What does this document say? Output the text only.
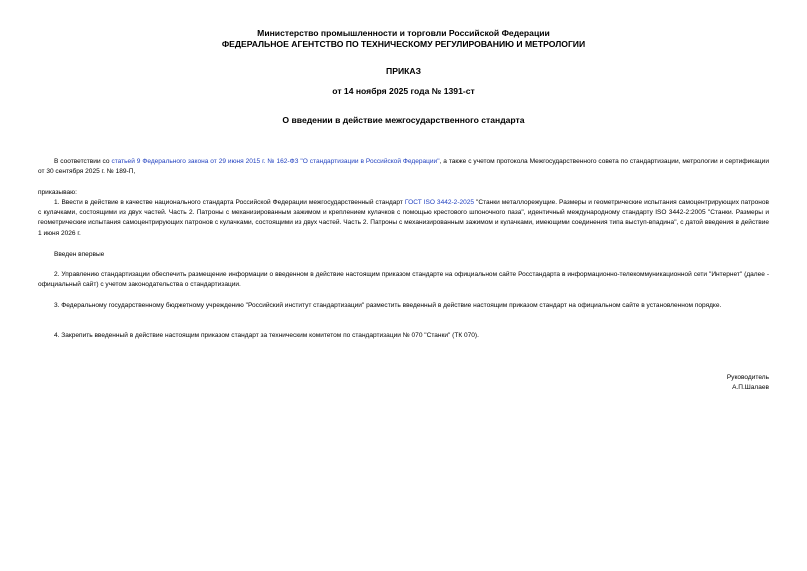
Министерство промышленности и торговли Российской Федерации
ФЕДЕРАЛЬНОЕ АГЕНТСТВО ПО ТЕХНИЧЕСКОМУ РЕГУЛИРОВАНИЮ И МЕТРОЛОГИИ
ПРИКАЗ
от 14 ноября 2025 года № 1391-ст
О введении в действие межгосударственного стандарта

В соответствии со статьей 9 Федерального закона от 29 июня 2015 г. № 162-ФЗ "О стандартизации в Российской Федерации", а также с учетом протокола Межгосударственного совета по стандартизации, метрологии и сертификации от 30 сентября 2025 г. № 189-П,

приказываю:

1. Ввести в действие в качестве национального стандарта Российской Федерации межгосударственный стандарт ГОСТ ISO 3442-2-2025 "Станки металлорежущие. Размеры и геометрические испытания самоцентрирующих патронов с кулачками, состоящими из двух частей. Часть 2. Патроны с механизированным зажимом и креплением кулачков с помощью крестового шпоночного паза", идентичный международному стандарту ISO 3442-2:2005 "Станки. Размеры и геометрические испытания самоцентрирующих патронов с кулачками, состоящими из двух частей. Часть 2. Патроны с механизированным зажимом и кулачками, имеющими соединения типа выступ-впадина", с датой введения в действие 1 июня 2026 г.

Введен впервые

2. Управлению стандартизации обеспечить размещение информации о введенном в действие настоящим приказом стандарте на официальном сайте Росстандарта в информационно-телекоммуникационной сети "Интернет" (далее - официальный сайт) с учетом законодательства о стандартизации.

3. Федеральному государственному бюджетному учреждению "Российский институт стандартизации" разместить введенный в действие настоящим приказом стандарт на официальном сайте в установленном порядке.

4. Закрепить введенный в действие настоящим приказом стандарт за техническим комитетом по стандартизации № 070 "Станки" (ТК 070).

Руководитель
А.П.Шалаев
